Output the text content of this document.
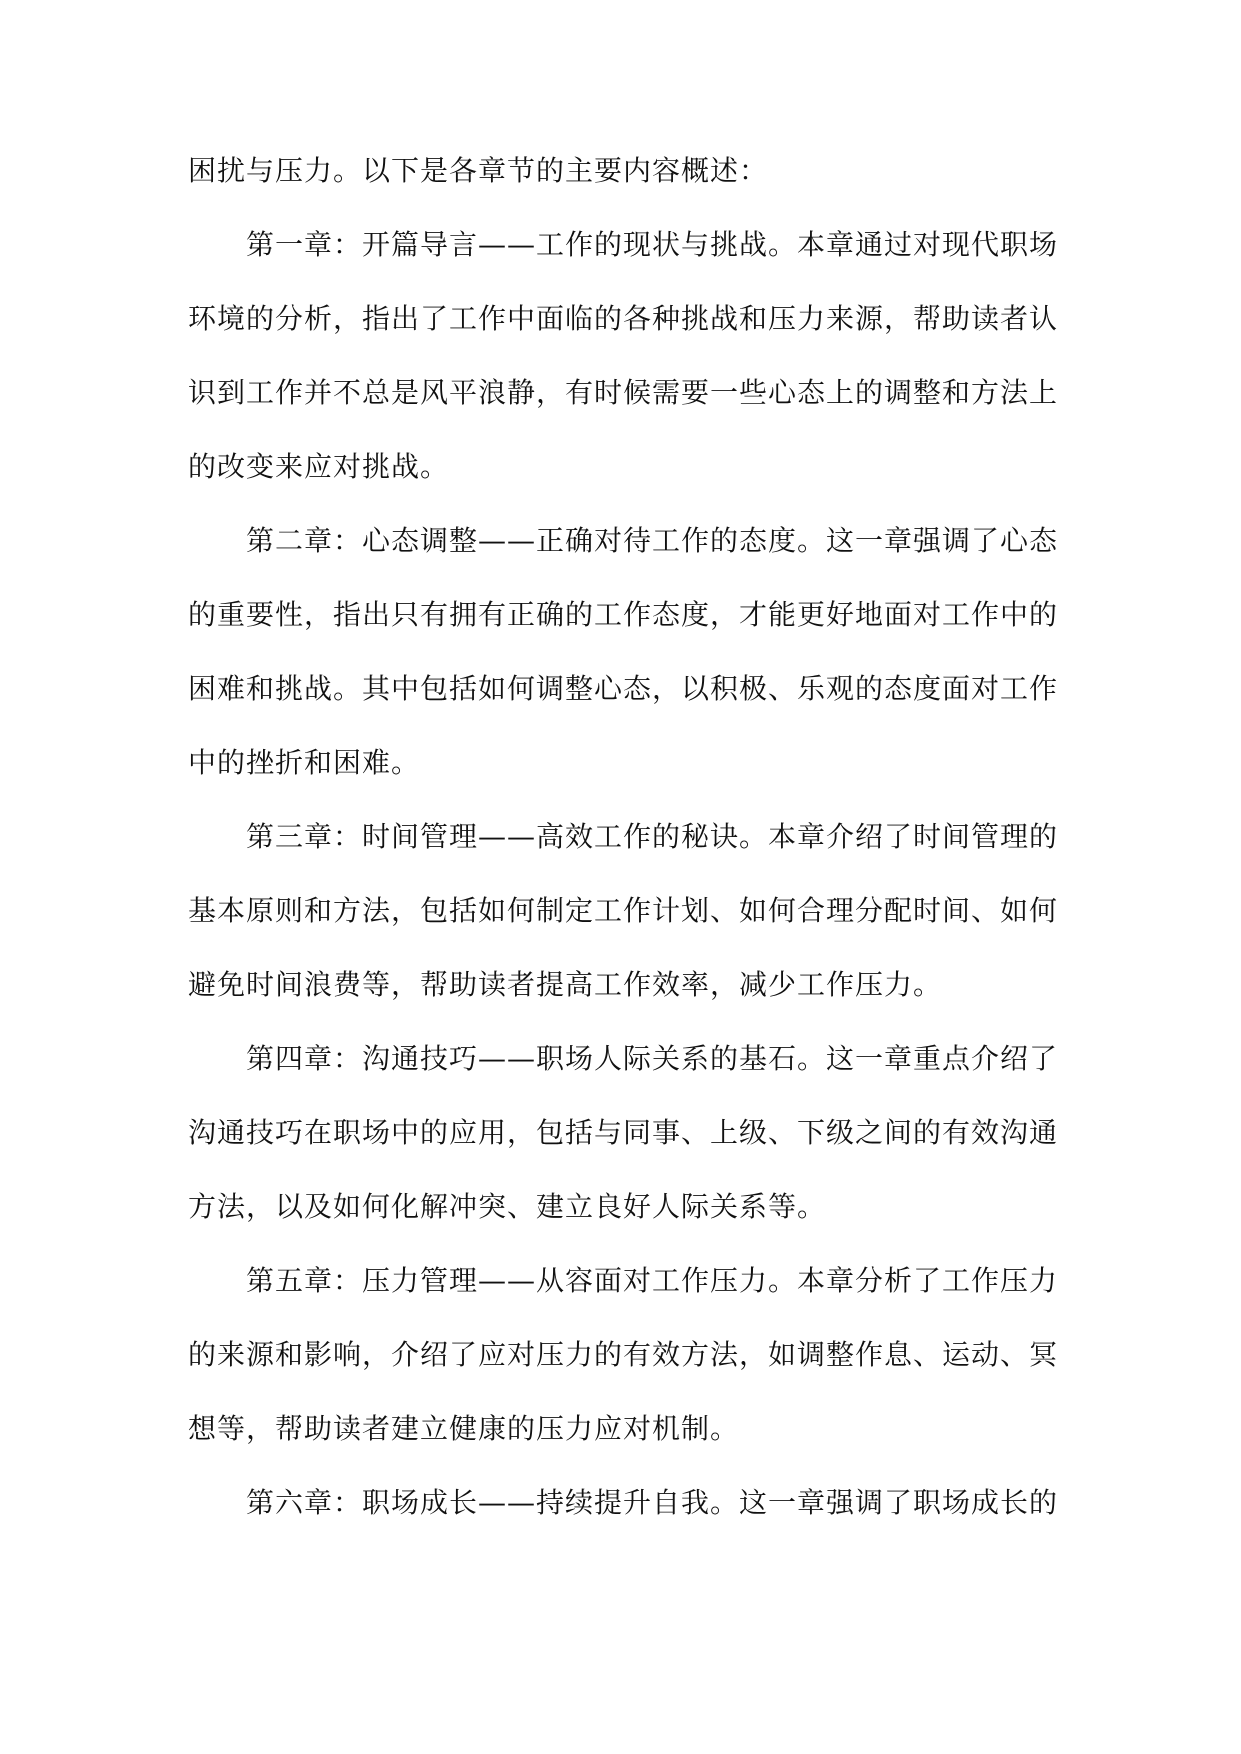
困扰与压力。以下是各章节的主要内容概述：
第一章：开篇导言——工作的现状与挑战。本章通过对现代职场
环境的分析，指出了工作中面临的各种挑战和压力来源，帮助读者认
识到工作并不总是风平浪静，有时候需要一些心态上的调整和方法上
的改变来应对挑战。
第二章：心态调整——正确对待工作的态度。这一章强调了心态
的重要性，指出只有拥有正确的工作态度，才能更好地面对工作中的
困难和挑战。其中包括如何调整心态，以积极、乐观的态度面对工作
中的挫折和困难。
第三章：时间管理——高效工作的秘诀。本章介绍了时间管理的
基本原则和方法，包括如何制定工作计划、如何合理分配时间、如何
避免时间浪费等，帮助读者提高工作效率，减少工作压力。
第四章：沟通技巧——职场人际关系的基石。这一章重点介绍了
沟通技巧在职场中的应用，包括与同事、上级、下级之间的有效沟通
方法，以及如何化解冲突、建立良好人际关系等。
第五章：压力管理——从容面对工作压力。本章分析了工作压力
的来源和影响，介绍了应对压力的有效方法，如调整作息、运动、冥
想等，帮助读者建立健康的压力应对机制。
第六章：职场成长——持续提升自我。这一章强调了职场成长的
